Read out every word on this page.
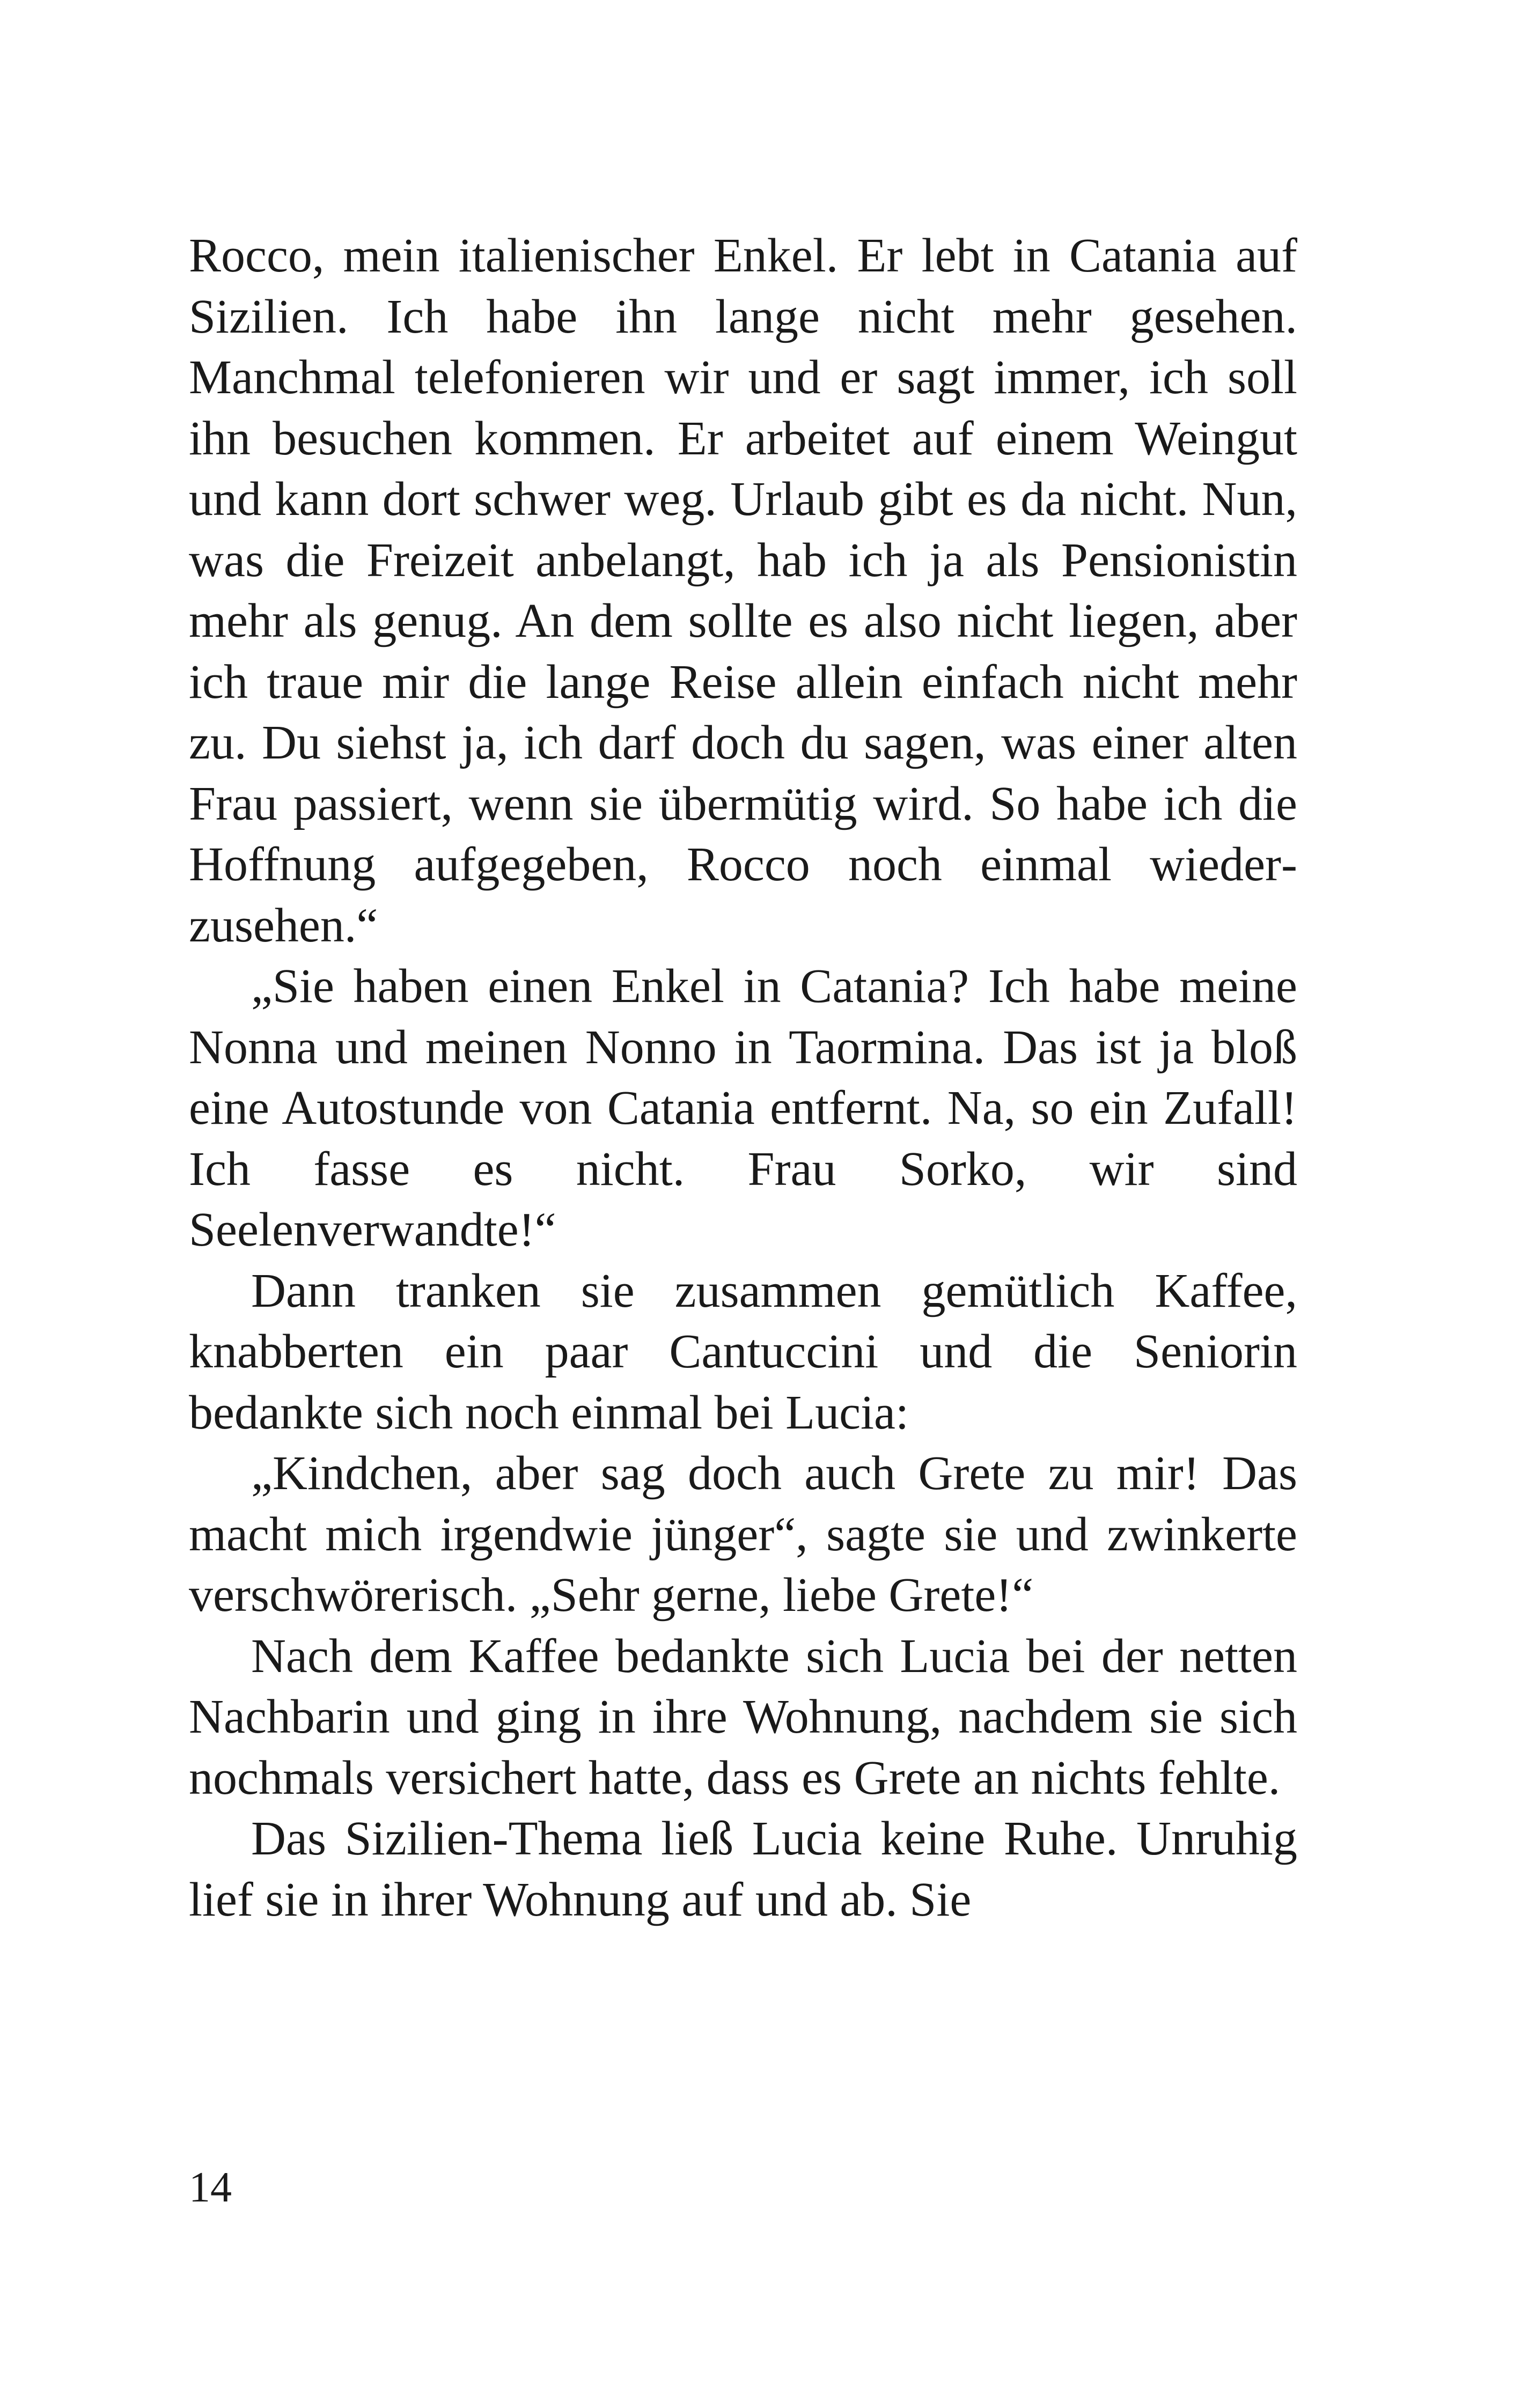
Rocco, mein italienischer Enkel. Er lebt in Catania auf Sizilien. Ich habe ihn lange nicht mehr gesehen. Manchmal telefonieren wir und er sagt immer, ich soll ihn besuchen kommen. Er arbeitet auf einem Weingut und kann dort schwer weg. Urlaub gibt es da nicht. Nun, was die Freizeit anbelangt, hab ich ja als Pensionistin mehr als genug. An dem sollte es also nicht liegen, aber ich traue mir die lange Reise allein einfach nicht mehr zu. Du siehst ja, ich darf doch du sagen, was einer alten Frau passiert, wenn sie übermütig wird. So habe ich die Hoffnung aufgegeben, Rocco noch einmal wiederzusehen.“

„Sie haben einen Enkel in Catania? Ich habe meine Nonna und meinen Nonno in Taormina. Das ist ja bloß eine Autostunde von Catania entfernt. Na, so ein Zufall! Ich fasse es nicht. Frau Sorko, wir sind Seelenverwandte!“

Dann tranken sie zusammen gemütlich Kaffee, knabberten ein paar Cantuccini und die Seniorin bedankte sich noch einmal bei Lucia:

„Kindchen, aber sag doch auch Grete zu mir! Das macht mich irgendwie jünger“, sagte sie und zwinkerte verschwörerisch. „Sehr gerne, liebe Grete!“

Nach dem Kaffee bedankte sich Lucia bei der netten Nachbarin und ging in ihre Wohnung, nachdem sie sich nochmals versichert hatte, dass es Grete an nichts fehlte.

Das Sizilien-Thema ließ Lucia keine Ruhe. Unruhig lief sie in ihrer Wohnung auf und ab. Sie

14
